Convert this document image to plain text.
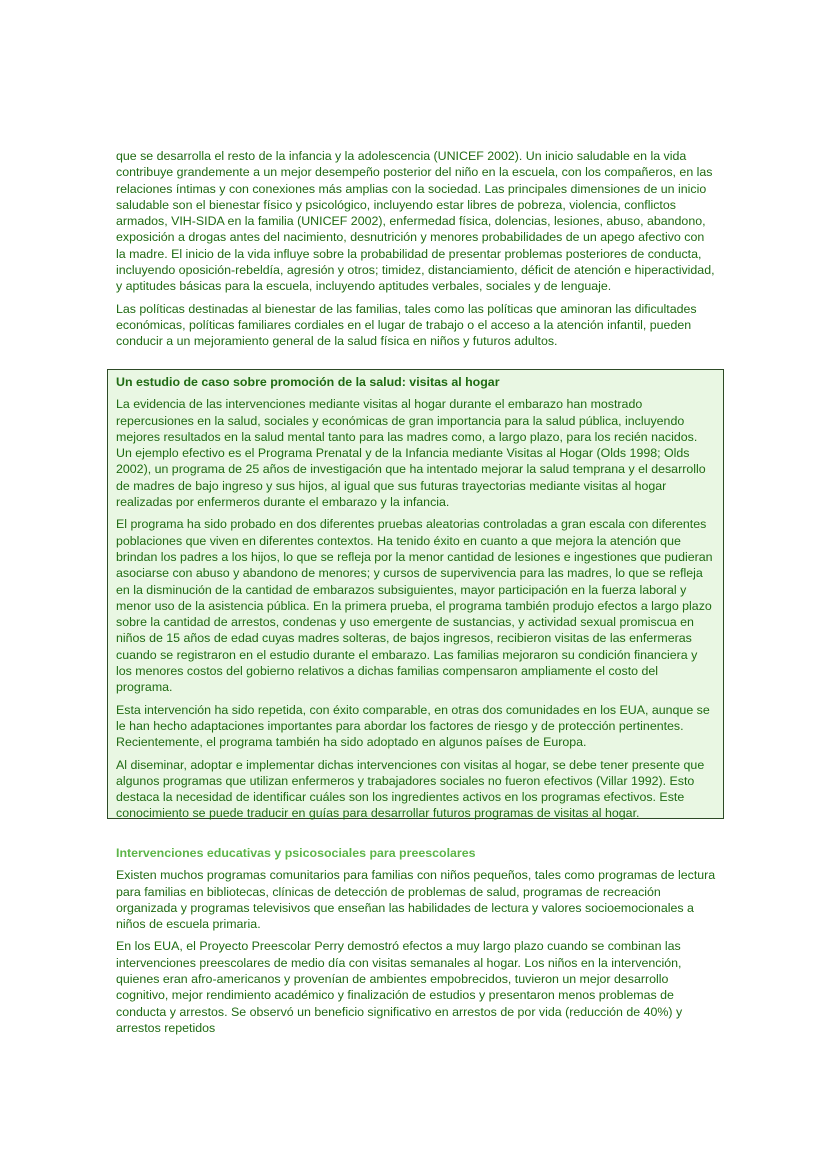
que se desarrolla el resto de la infancia y la adolescencia (UNICEF 2002). Un inicio saludable en la vida contribuye grandemente a un mejor desempeño posterior del niño en la escuela, con los compañeros, en las relaciones íntimas y con conexiones más amplias con la sociedad. Las principales dimensiones de un inicio saludable son el bienestar físico y psicológico, incluyendo estar libres de pobreza, violencia, conflictos armados, VIH-SIDA en la familia (UNICEF 2002), enfermedad física, dolencias, lesiones, abuso, abandono, exposición a drogas antes del nacimiento, desnutrición y menores probabilidades de un apego afectivo con la madre. El inicio de la vida influye sobre la probabilidad de presentar problemas posteriores de conducta, incluyendo oposición-rebeldía, agresión y otros; timidez, distanciamiento, déficit de atención e hiperactividad, y aptitudes básicas para la escuela, incluyendo aptitudes verbales, sociales y de lenguaje.

Las políticas destinadas al bienestar de las familias, tales como las políticas que aminoran las dificultades económicas, políticas familiares cordiales en el lugar de trabajo o el acceso a la atención infantil, pueden conducir a un mejoramiento general de la salud física en niños y futuros adultos.

Un estudio de caso sobre promoción de la salud: visitas al hogar

La evidencia de las intervenciones mediante visitas al hogar durante el embarazo han mostrado repercusiones en la salud, sociales y económicas de gran importancia para la salud pública, incluyendo mejores resultados en la salud mental tanto para las madres como, a largo plazo, para los recién nacidos. Un ejemplo efectivo es el Programa Prenatal y de la Infancia mediante Visitas al Hogar (Olds 1998; Olds 2002), un programa de 25 años de investigación que ha intentado mejorar la salud temprana y el desarrollo de madres de bajo ingreso y sus hijos, al igual que sus futuras trayectorias mediante visitas al hogar realizadas por enfermeros durante el embarazo y la infancia.

El programa ha sido probado en dos diferentes pruebas aleatorias controladas a gran escala con diferentes poblaciones que viven en diferentes contextos. Ha tenido éxito en cuanto a que mejora la atención que brindan los padres a los hijos, lo que se refleja por la menor cantidad de lesiones e ingestiones que pudieran asociarse con abuso y abandono de menores; y cursos de supervivencia para las madres, lo que se refleja en la disminución de la cantidad de embarazos subsiguientes, mayor participación en la fuerza laboral y menor uso de la asistencia pública. En la primera prueba, el programa también produjo efectos a largo plazo sobre la cantidad de arrestos, condenas y uso emergente de sustancias, y actividad sexual promiscua en niños de 15 años de edad cuyas madres solteras, de bajos ingresos, recibieron visitas de las enfermeras cuando se registraron en el estudio durante el embarazo. Las familias mejoraron su condición financiera y los menores costos del gobierno relativos a dichas familias compensaron ampliamente el costo del programa.

Esta intervención ha sido repetida, con éxito comparable, en otras dos comunidades en los EUA, aunque se le han hecho adaptaciones importantes para abordar los factores de riesgo y de protección pertinentes. Recientemente, el programa también ha sido adoptado en algunos países de Europa.

Al diseminar, adoptar e implementar dichas intervenciones con visitas al hogar, se debe tener presente que algunos programas que utilizan enfermeros y trabajadores sociales no fueron efectivos (Villar 1992). Esto destaca la necesidad de identificar cuáles son los ingredientes activos en los programas efectivos. Este conocimiento se puede traducir en guías para desarrollar futuros programas de visitas al hogar.

Intervenciones educativas y psicosociales para preescolares

Existen muchos programas comunitarios para familias con niños pequeños, tales como programas de lectura para familias en bibliotecas, clínicas de detección de problemas de salud, programas de recreación organizada y programas televisivos que enseñan las habilidades de lectura y valores socioemocionales a niños de escuela primaria.

En los EUA, el Proyecto Preescolar Perry demostró efectos a muy largo plazo cuando se combinan las intervenciones preescolares de medio día con visitas semanales al hogar. Los niños en la intervención, quienes eran afro-americanos y provenían de ambientes empobrecidos, tuvieron un mejor desarrollo cognitivo, mejor rendimiento académico y finalización de estudios y presentaron menos problemas de conducta y arrestos. Se observó un beneficio significativo en arrestos de por vida (reducción de 40%) y arrestos repetidos
